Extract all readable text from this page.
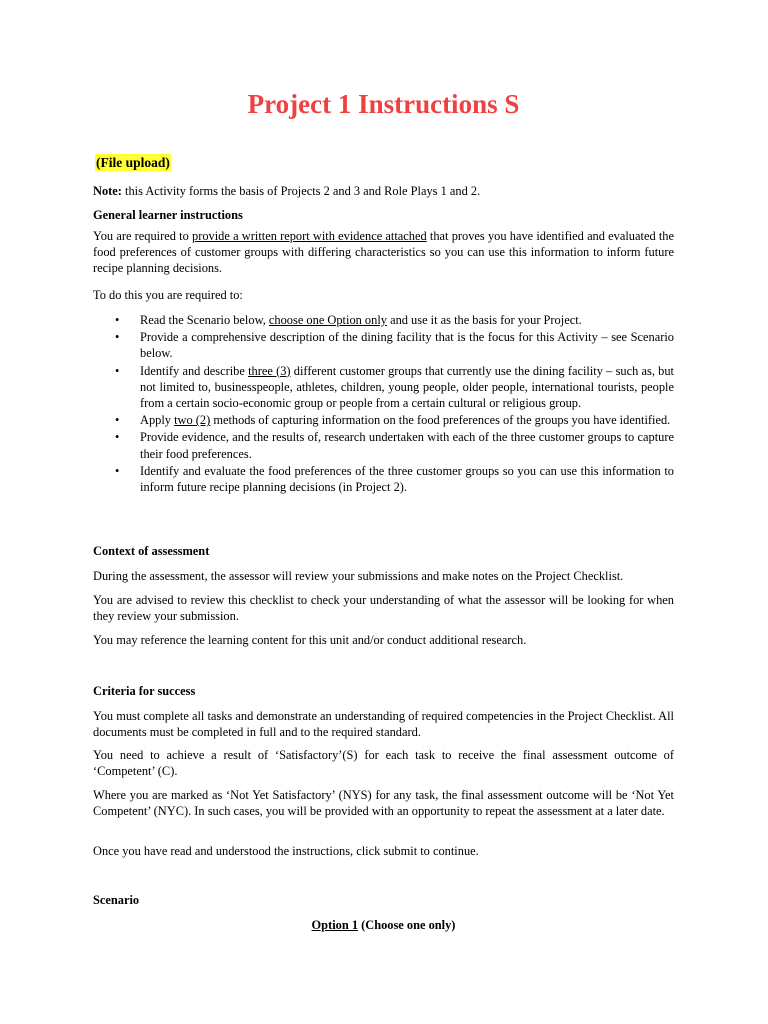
Project 1 Instructions S
(File upload)

Note: this Activity forms the basis of Projects 2 and 3 and Role Plays 1 and 2.

General learner instructions

You are required to provide a written report with evidence attached that proves you have identified and evaluated the food preferences of customer groups with differing characteristics so you can use this information to inform future recipe planning decisions.

To do this you are required to:

• Read the Scenario below, choose one Option only and use it as the basis for your Project.
• Provide a comprehensive description of the dining facility that is the focus for this Activity – see Scenario below.
• Identify and describe three (3) different customer groups that currently use the dining facility – such as, but not limited to, businesspeople, athletes, children, young people, older people, international tourists, people from a certain socio-economic group or people from a certain cultural or religious group.
• Apply two (2) methods of capturing information on the food preferences of the groups you have identified.
• Provide evidence, and the results of, research undertaken with each of the three customer groups to capture their food preferences.
• Identify and evaluate the food preferences of the three customer groups so you can use this information to inform future recipe planning decisions (in Project 2).

Context of assessment

During the assessment, the assessor will review your submissions and make notes on the Project Checklist.

You are advised to review this checklist to check your understanding of what the assessor will be looking for when they review your submission.

You may reference the learning content for this unit and/or conduct additional research.

Criteria for success

You must complete all tasks and demonstrate an understanding of required competencies in the Project Checklist. All documents must be completed in full and to the required standard.

You need to achieve a result of ‘Satisfactory’(S) for each task to receive the final assessment outcome of ‘Competent’ (C).

Where you are marked as ‘Not Yet Satisfactory’ (NYS) for any task, the final assessment outcome will be ‘Not Yet Competent’ (NYC). In such cases, you will be provided with an opportunity to repeat the assessment at a later date.

Once you have read and understood the instructions, click submit to continue.

Scenario

Option 1 (Choose one only)
